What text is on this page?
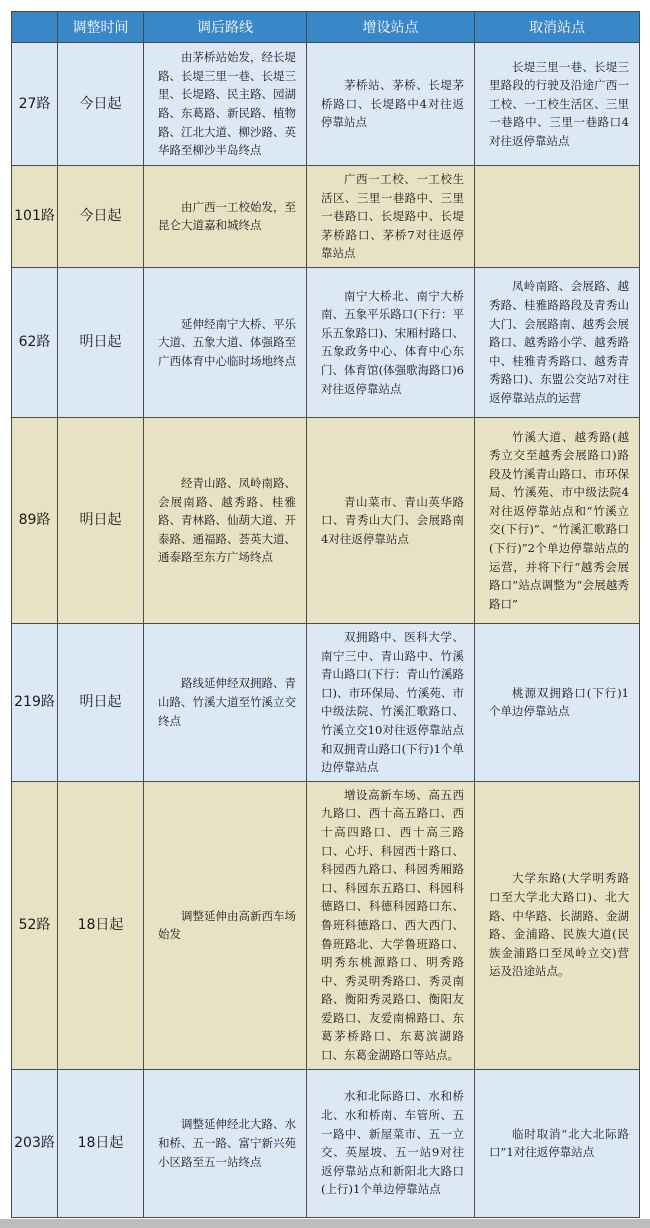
	调整时间	调后路线	增设站点	取消站点
27路	今日起	由茅桥站始发，经长堤路、长堤三里一巷、长堤三里、长堤路、民主路、园湖路、东葛路、新民路、植物路、江北大道、柳沙路、英华路至柳沙半岛终点	茅桥站、茅桥、长堤茅桥路口、长堤路中4对往返停靠站点	长堤三里一巷、长堤三里路段的行驶及沿途广西一工校、一工校生活区、三里一巷路中、三里一巷路口4对往返停靠站点
101路	今日起	由广西一工校始发，至昆仑大道嘉和城终点	广西一工校、一工校生活区、三里一巷路中、三里一巷路口、长堤路中、长堤茅桥路口、茅桥7对往返停靠站点	
62路	明日起	延伸经南宁大桥、平乐大道、五象大道、体强路至广西体育中心临时场地终点	南宁大桥北、南宁大桥南、五象平乐路口(下行：平乐五象路口)、宋厢村路口、五象政务中心、体育中心东门、体育馆(体强歌海路口)6对往返停靠站点	凤岭南路、会展路、越秀路、桂雅路路段及青秀山大门、会展路南、越秀会展路口、越秀路小学、越秀路中、桂雅青秀路口、越秀青秀路口)、东盟公交站7对往返停靠站点的运营
89路	明日起	经青山路、凤岭南路、会展南路、越秀路、桂雅路、青林路、仙葫大道、开泰路、通福路、荟英大道、通泰路至东方广场终点	青山菜市、青山英华路口、青秀山大门、会展路南4对往返停靠站点	竹溪大道、越秀路(越秀立交至越秀会展路口)路段及竹溪青山路口、市环保局、竹溪苑、市中级法院4对往返停靠站点和“竹溪立交(下行)”、“竹溪汇歌路口(下行)”2个单边停靠站点的运营，并将下行“越秀会展路口”站点调整为“会展越秀路口”
219路	明日起	路线延伸经双拥路、青山路、竹溪大道至竹溪立交终点	双拥路中、医科大学、南宁三中、青山路中、竹溪青山路口(下行：青山竹溪路口)、市环保局、竹溪苑、市中级法院、竹溪汇歌路口、竹溪立交10对往返停靠站点和双拥青山路口(下行)1个单边停靠站点	桃源双拥路口(下行)1个单边停靠站点
52路	18日起	调整延伸由高新西车场始发	增设高新车场、高五西九路口、西十高五路口、西十高四路口、西十高三路口、心圩、科园西十路口、科园西九路口、科园秀厢路口、科园东五路口、科园科德路口、科德科园路口东、鲁班科德路口、西大西门、鲁班路北、大学鲁班路口、明秀东桃源路口、明秀路中、秀灵明秀路口、秀灵南路、衡阳秀灵路口、衡阳友爱路口、友爱南棉路口、东葛茅桥路口、东葛滨湖路口、东葛金湖路口等站点。	大学东路(大学明秀路口至大学北大路口)、北大路、中华路、长湖路、金湖路、金浦路、民族大道(民族金浦路口至凤岭立交)营运及沿途站点。
203路	18日起	调整延伸经北大路、水和桥、五一路、富宁新兴苑小区路至五一站终点	水和北际路口、水和桥北、水和桥南、车管所、五一路中、新屋菜市、五一立交、英屋坡、五一站9对往返停靠站点和新阳北大路口(上行)1个单边停靠站点	临时取消“北大北际路口”1对往返停靠站点
